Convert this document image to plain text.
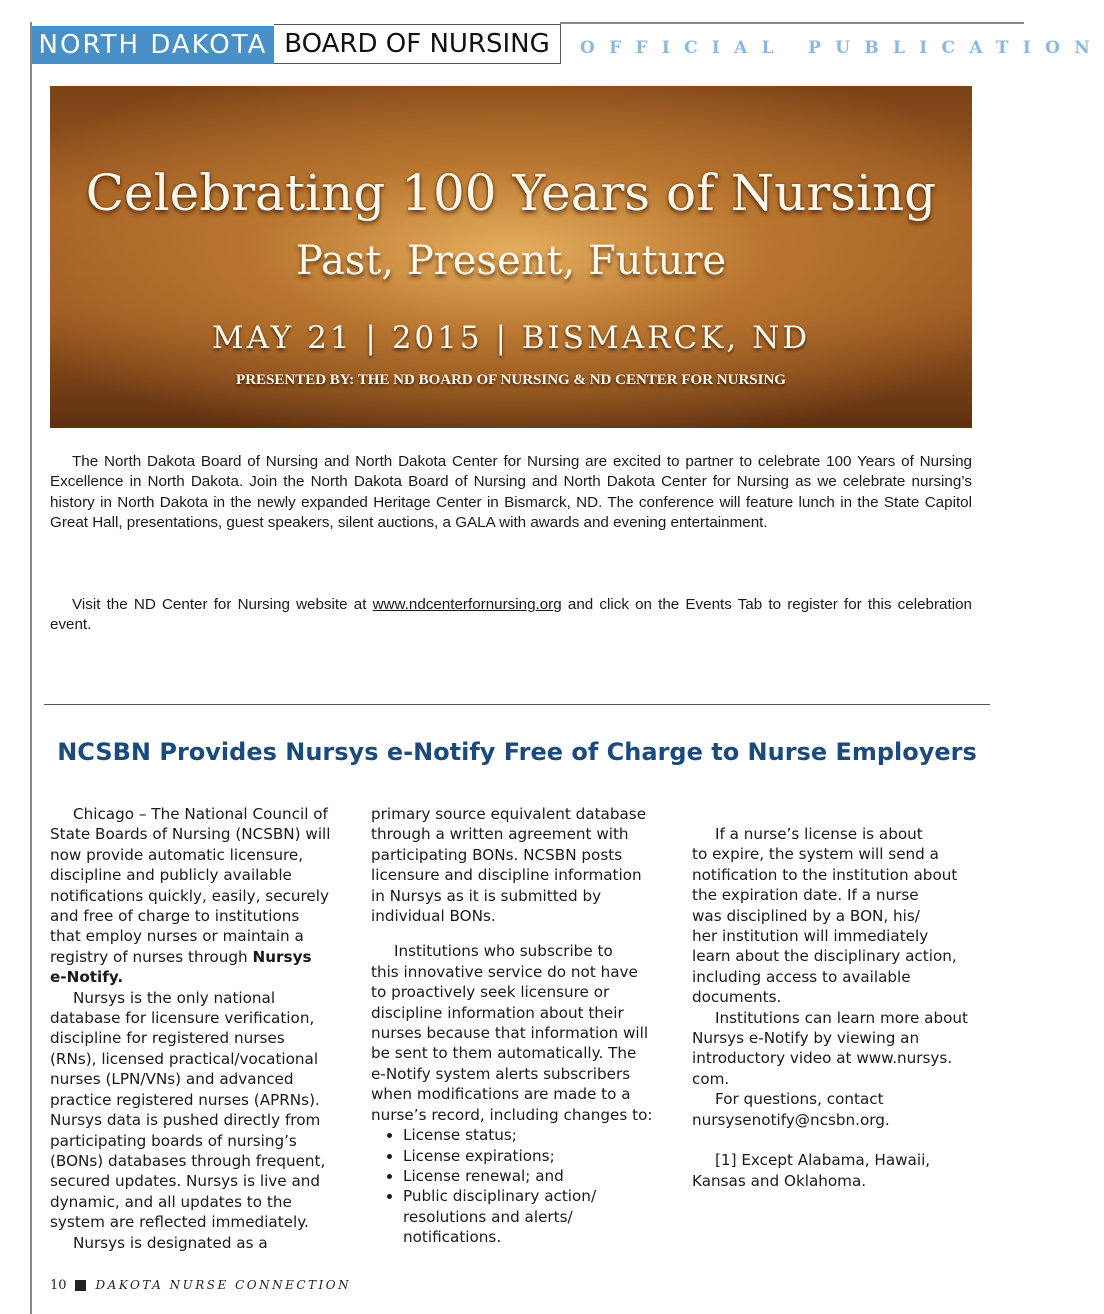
NORTH DAKOTA BOARD OF NURSING	OFFICIAL PUBLICATION
Celebrating 100 Years of Nursing
Past, Present, Future
MAY 21 | 2015 | BISMARCK, ND
PRESENTED BY: THE ND BOARD OF NURSING & ND CENTER FOR NURSING

The North Dakota Board of Nursing and North Dakota Center for Nursing are excited to partner to celebrate 100 Years of Nursing Excellence in North Dakota. Join the North Dakota Board of Nursing and North Dakota Center for Nursing as we celebrate nursing’s history in North Dakota in the newly expanded Heritage Center in Bismarck, ND. The conference will feature lunch in the State Capitol Great Hall, presentations, guest speakers, silent auctions, a GALA with awards and evening entertainment.

Visit the ND Center for Nursing website at www.ndcenterfornursing.org and click on the Events Tab to register for this celebration event.

NCSBN Provides Nursys e-Notify Free of Charge to Nurse Employers

Chicago – The National Council of
State Boards of Nursing (NCSBN) will
now provide automatic licensure,
discipline and publicly available
notifications quickly, easily, securely
and free of charge to institutions
that employ nurses or maintain a
registry of nurses through Nursys
e-Notify.

Nursys is the only national
database for licensure verification,
discipline for registered nurses
(RNs), licensed practical/vocational
nurses (LPN/VNs) and advanced
practice registered nurses (APRNs).
Nursys data is pushed directly from
participating boards of nursing’s
(BONs) databases through frequent,
secured updates. Nursys is live and
dynamic, and all updates to the
system are reflected immediately.

Nursys is designated as a

primary source equivalent database
through a written agreement with
participating BONs. NCSBN posts
licensure and discipline information
in Nursys as it is submitted by
individual BONs.

Institutions who subscribe to
this innovative service do not have
to proactively seek licensure or
discipline information about their
nurses because that information will
be sent to them automatically. The
e-Notify system alerts subscribers
when modifications are made to a
nurse’s record, including changes to:

• License status;
• License expirations;
• License renewal; and
• Public disciplinary action/ resolutions and alerts/ notifications.

If a nurse’s license is about
to expire, the system will send a
notification to the institution about
the expiration date. If a nurse
was disciplined by a BON, his/
her institution will immediately
learn about the disciplinary action,
including access to available
documents.

Institutions can learn more about
Nursys e-Notify by viewing an
introductory video at www.nursys.
com.

For questions, contact
nursysenotify@ncsbn.org.

[1] Except Alabama, Hawaii,
Kansas and Oklahoma.

10 DAKOTA NURSE CONNECTION
